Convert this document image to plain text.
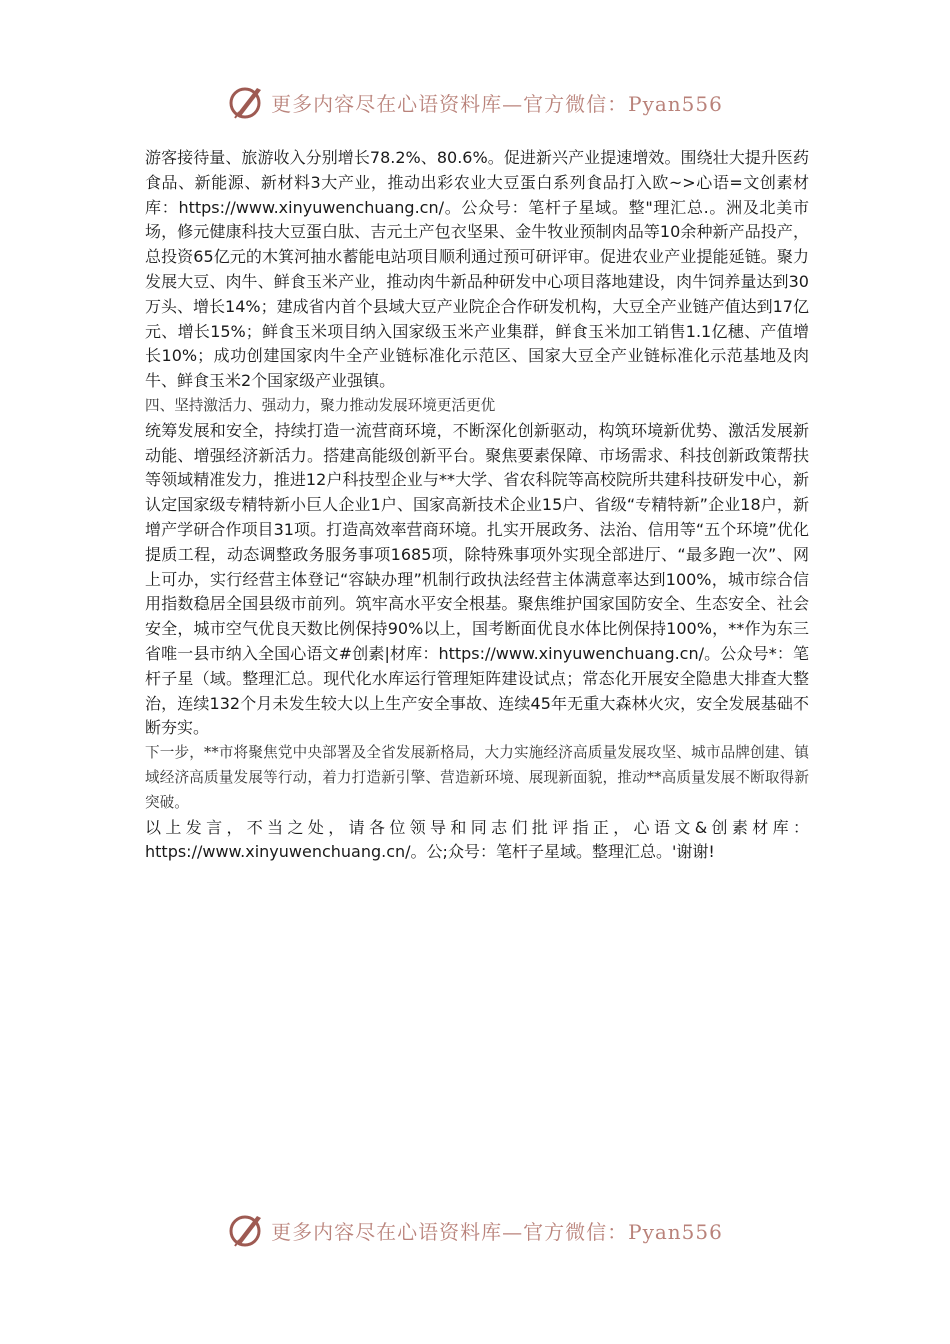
更多内容尽在心语资料库—官方微信：Pyan556

游客接待量、旅游收入分别增长78.2%、80.6%。促进新兴产业提速增效。围绕壮大提升医药食品、新能源、新材料3大产业，推动出彩农业大豆蛋白系列食品打入欧~>心语=文创素材库：https://www.xinyuwenchuang.cn/。公众号：笔杆子星域。整"理汇总.。洲及北美市场，修元健康科技大豆蛋白肽、吉元土产包衣坚果、金牛牧业预制肉品等10余种新产品投产，总投资65亿元的木箕河抽水蓄能电站项目顺利通过预可研评审。促进农业产业提能延链。聚力发展大豆、肉牛、鲜食玉米产业，推动肉牛新品种研发中心项目落地建设，肉牛饲养量达到30万头、增长14%；建成省内首个县域大豆产业院企合作研发机构，大豆全产业链产值达到17亿元、增长15%；鲜食玉米项目纳入国家级玉米产业集群，鲜食玉米加工销售1.1亿穗、产值增长10%；成功创建国家肉牛全产业链标准化示范区、国家大豆全产业链标准化示范基地及肉牛、鲜食玉米2个国家级产业强镇。

四、坚持激活力、强动力，聚力推动发展环境更活更优

统筹发展和安全，持续打造一流营商环境，不断深化创新驱动，构筑环境新优势、激活发展新动能、增强经济新活力。搭建高能级创新平台。聚焦要素保障、市场需求、科技创新政策帮扶等领域精准发力，推进12户科技型企业与**大学、省农科院等高校院所共建科技研发中心，新认定国家级专精特新小巨人企业1户、国家高新技术企业15户、省级“专精特新”企业18户，新增产学研合作项目31项。打造高效率营商环境。扎实开展政务、法治、信用等“五个环境”优化提质工程，动态调整政务服务事项1685项，除特殊事项外实现全部进厅、“最多跑一次”、网上可办，实行经营主体登记“容缺办理”机制行政执法经营主体满意率达到100%，城市综合信用指数稳居全国县级市前列。筑牢高水平安全根基。聚焦维护国家国防安全、生态安全、社会安全，城市空气优良天数比例保持90%以上，国考断面优良水体比例保持100%，**作为东三省唯一县市纳入全国心语文#创素|材库：https://www.xinyuwenchuang.cn/。公众号*：笔杆子星（域。整理汇总。现代化水库运行管理矩阵建设试点；常态化开展安全隐患大排查大整治，连续132个月未发生较大以上生产安全事故、连续45年无重大森林火灾，安全发展基础不断夯实。

下一步，**市将聚焦党中央部署及全省发展新格局，大力实施经济高质量发展攻坚、城市品牌创建、镇域经济高质量发展等行动，着力打造新引擎、营造新环境、展现新面貌，推动**高质量发展不断取得新突破。

以上发言，不当之处，请各位领导和同志们批评指正，心语文&创素材库：https://www.xinyuwenchuang.cn/。公;众号：笔杆子星域。整理汇总。'谢谢!

更多内容尽在心语资料库—官方微信：Pyan556
